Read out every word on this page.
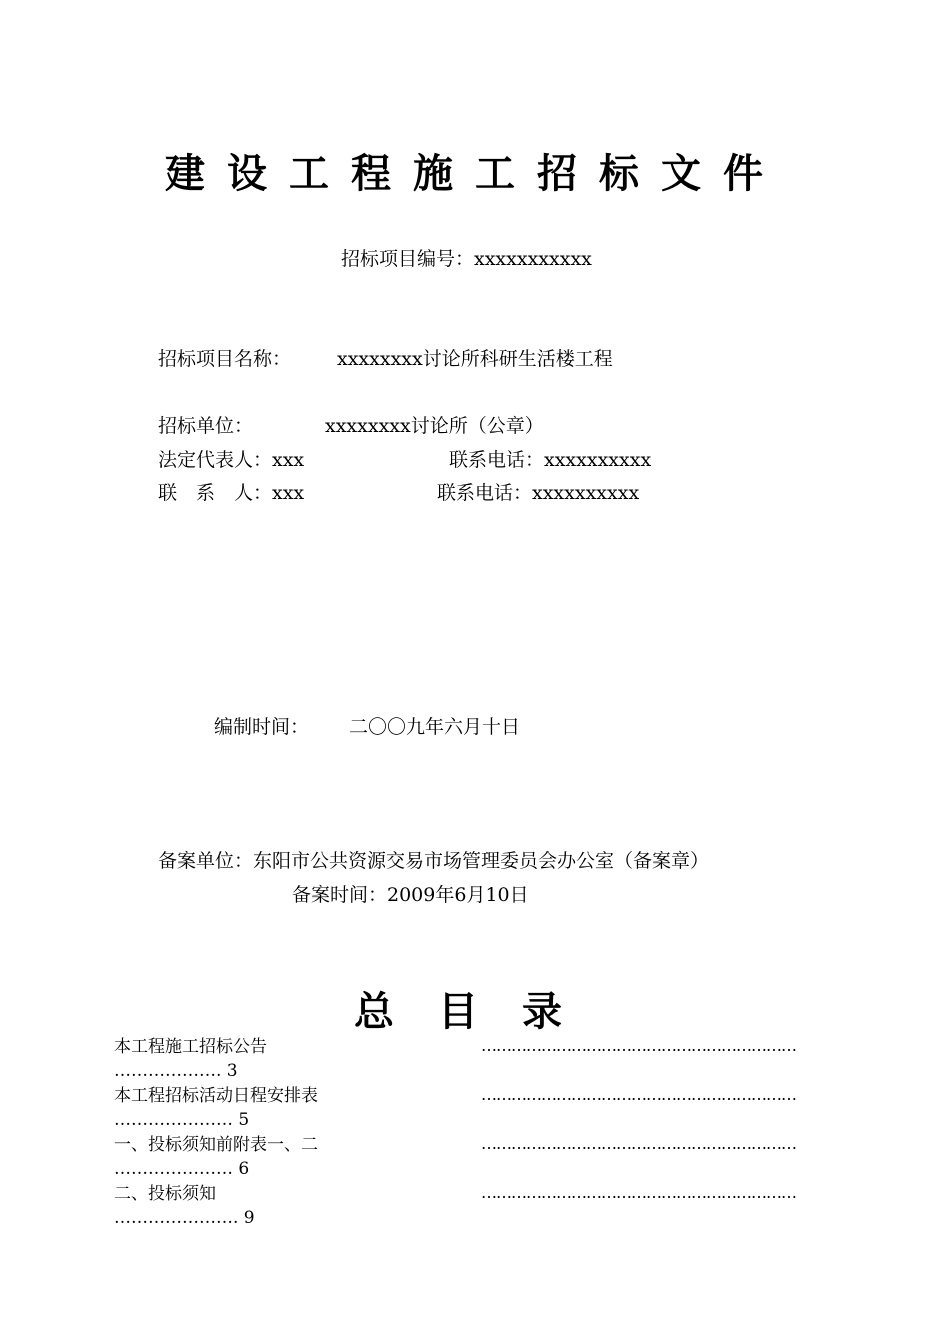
建设工程施工招标文件
招标项目编号：xxxxxxxxxxx
招标项目名称： xxxxxxxx讨论所科研生活楼工程
招标单位：	xxxxxxxx讨论所（公章）
法定代表人：xxx	联系电话：xxxxxxxxxx
联　系　人：xxx	联系电话：xxxxxxxxxx
编制时间： 二〇〇九年六月十日
备案单位：东阳市公共资源交易市场管理委员会办公室（备案章）
备案时间：2009年6月10日
总目录
本工程施工招标公告	………………………………………………………
………………. 3
本工程招标活动日程安排表	………………………………………………………
………………… 5
一、投标须知前附表一、二	………………………………………………………
………………… 6
二、投标须知	………………………………………………………
…………………. 9
